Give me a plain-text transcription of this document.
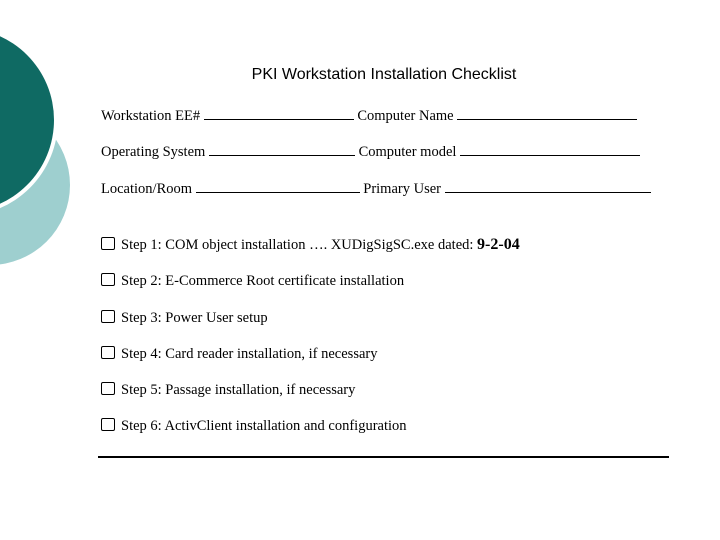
PKI Workstation Installation Checklist
Workstation EE#	Computer Name
Operating System	Computer model
Location/Room	Primary User
Step 1: COM object installation …. XUDigSigSC.exe dated: 9-2-04
Step 2: E-Commerce Root certificate installation
Step 3: Power User setup
Step 4: Card reader installation, if necessary
Step 5: Passage installation, if necessary
Step 6: ActivClient installation and configuration
